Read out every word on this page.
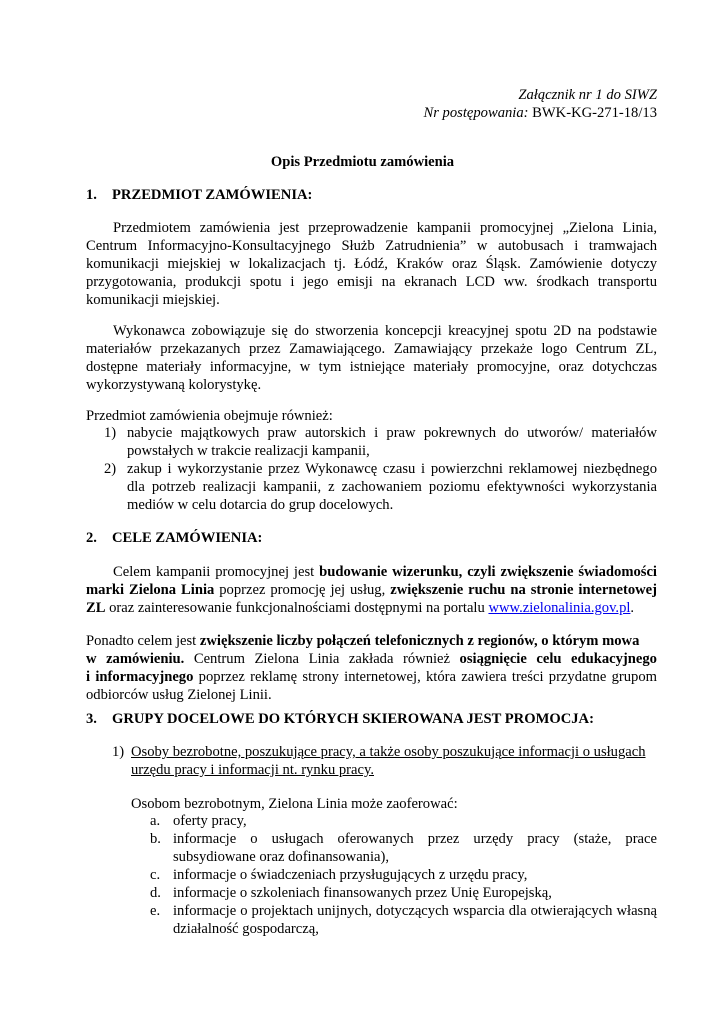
Załącznik nr 1 do SIWZ
Nr postępowania: BWK-KG-271-18/13
Opis Przedmiotu zamówienia
1. PRZEDMIOT ZAMÓWIENIA:
Przedmiotem zamówienia jest przeprowadzenie kampanii promocyjnej „Zielona Linia,
Centrum Informacyjno-Konsultacyjnego Służb Zatrudnienia” w autobusach i tramwajach
komunikacji miejskiej w lokalizacjach tj. Łódź, Kraków oraz Śląsk. Zamówienie dotyczy
przygotowania, produkcji spotu i jego emisji na ekranach LCD ww. środkach transportu
komunikacji miejskiej.
Wykonawca zobowiązuje się do stworzenia koncepcji kreacyjnej spotu 2D na podstawie
materiałów przekazanych przez Zamawiającego. Zamawiający przekaże logo Centrum ZL,
dostępne materiały informacyjne, w tym istniejące materiały promocyjne, oraz dotychczas
wykorzystywaną kolorystykę.
Przedmiot zamówienia obejmuje również:
1) nabycie majątkowych praw autorskich i praw pokrewnych do utworów/ materiałów
powstałych w trakcie realizacji kampanii,
2) zakup i wykorzystanie przez Wykonawcę czasu i powierzchni reklamowej niezbędnego
dla potrzeb realizacji kampanii, z zachowaniem poziomu efektywności wykorzystania
mediów w celu dotarcia do grup docelowych.
2. CELE ZAMÓWIENIA:
Celem kampanii promocyjnej jest budowanie wizerunku, czyli zwiększenie świadomości
marki Zielona Linia poprzez promocję jej usług, zwiększenie ruchu na stronie internetowej
ZL oraz zainteresowanie funkcjonalnościami dostępnymi na portalu www.zielonalinia.gov.pl.
Ponadto celem jest zwiększenie liczby połączeń telefonicznych z regionów, o którym mowa
w zamówieniu. Centrum Zielona Linia zakłada również osiągnięcie celu edukacyjnego
i informacyjnego poprzez reklamę strony internetowej, która zawiera treści przydatne grupom
odbiorców usług Zielonej Linii.
3. GRUPY DOCELOWE DO KTÓRYCH SKIEROWANA JEST PROMOCJA:
1) Osoby bezrobotne, poszukujące pracy, a także osoby poszukujące informacji o usługach
urzędu pracy i informacji nt. rynku pracy.
Osobom bezrobotnym, Zielona Linia może zaoferować:
a. oferty pracy,
b. informacje o usługach oferowanych przez urzędy pracy (staże, prace
subsydiowane oraz dofinansowania),
c. informacje o świadczeniach przysługujących z urzędu pracy,
d. informacje o szkoleniach finansowanych przez Unię Europejską,
e. informacje o projektach unijnych, dotyczących wsparcia dla otwierających własną
działalność gospodarczą,
